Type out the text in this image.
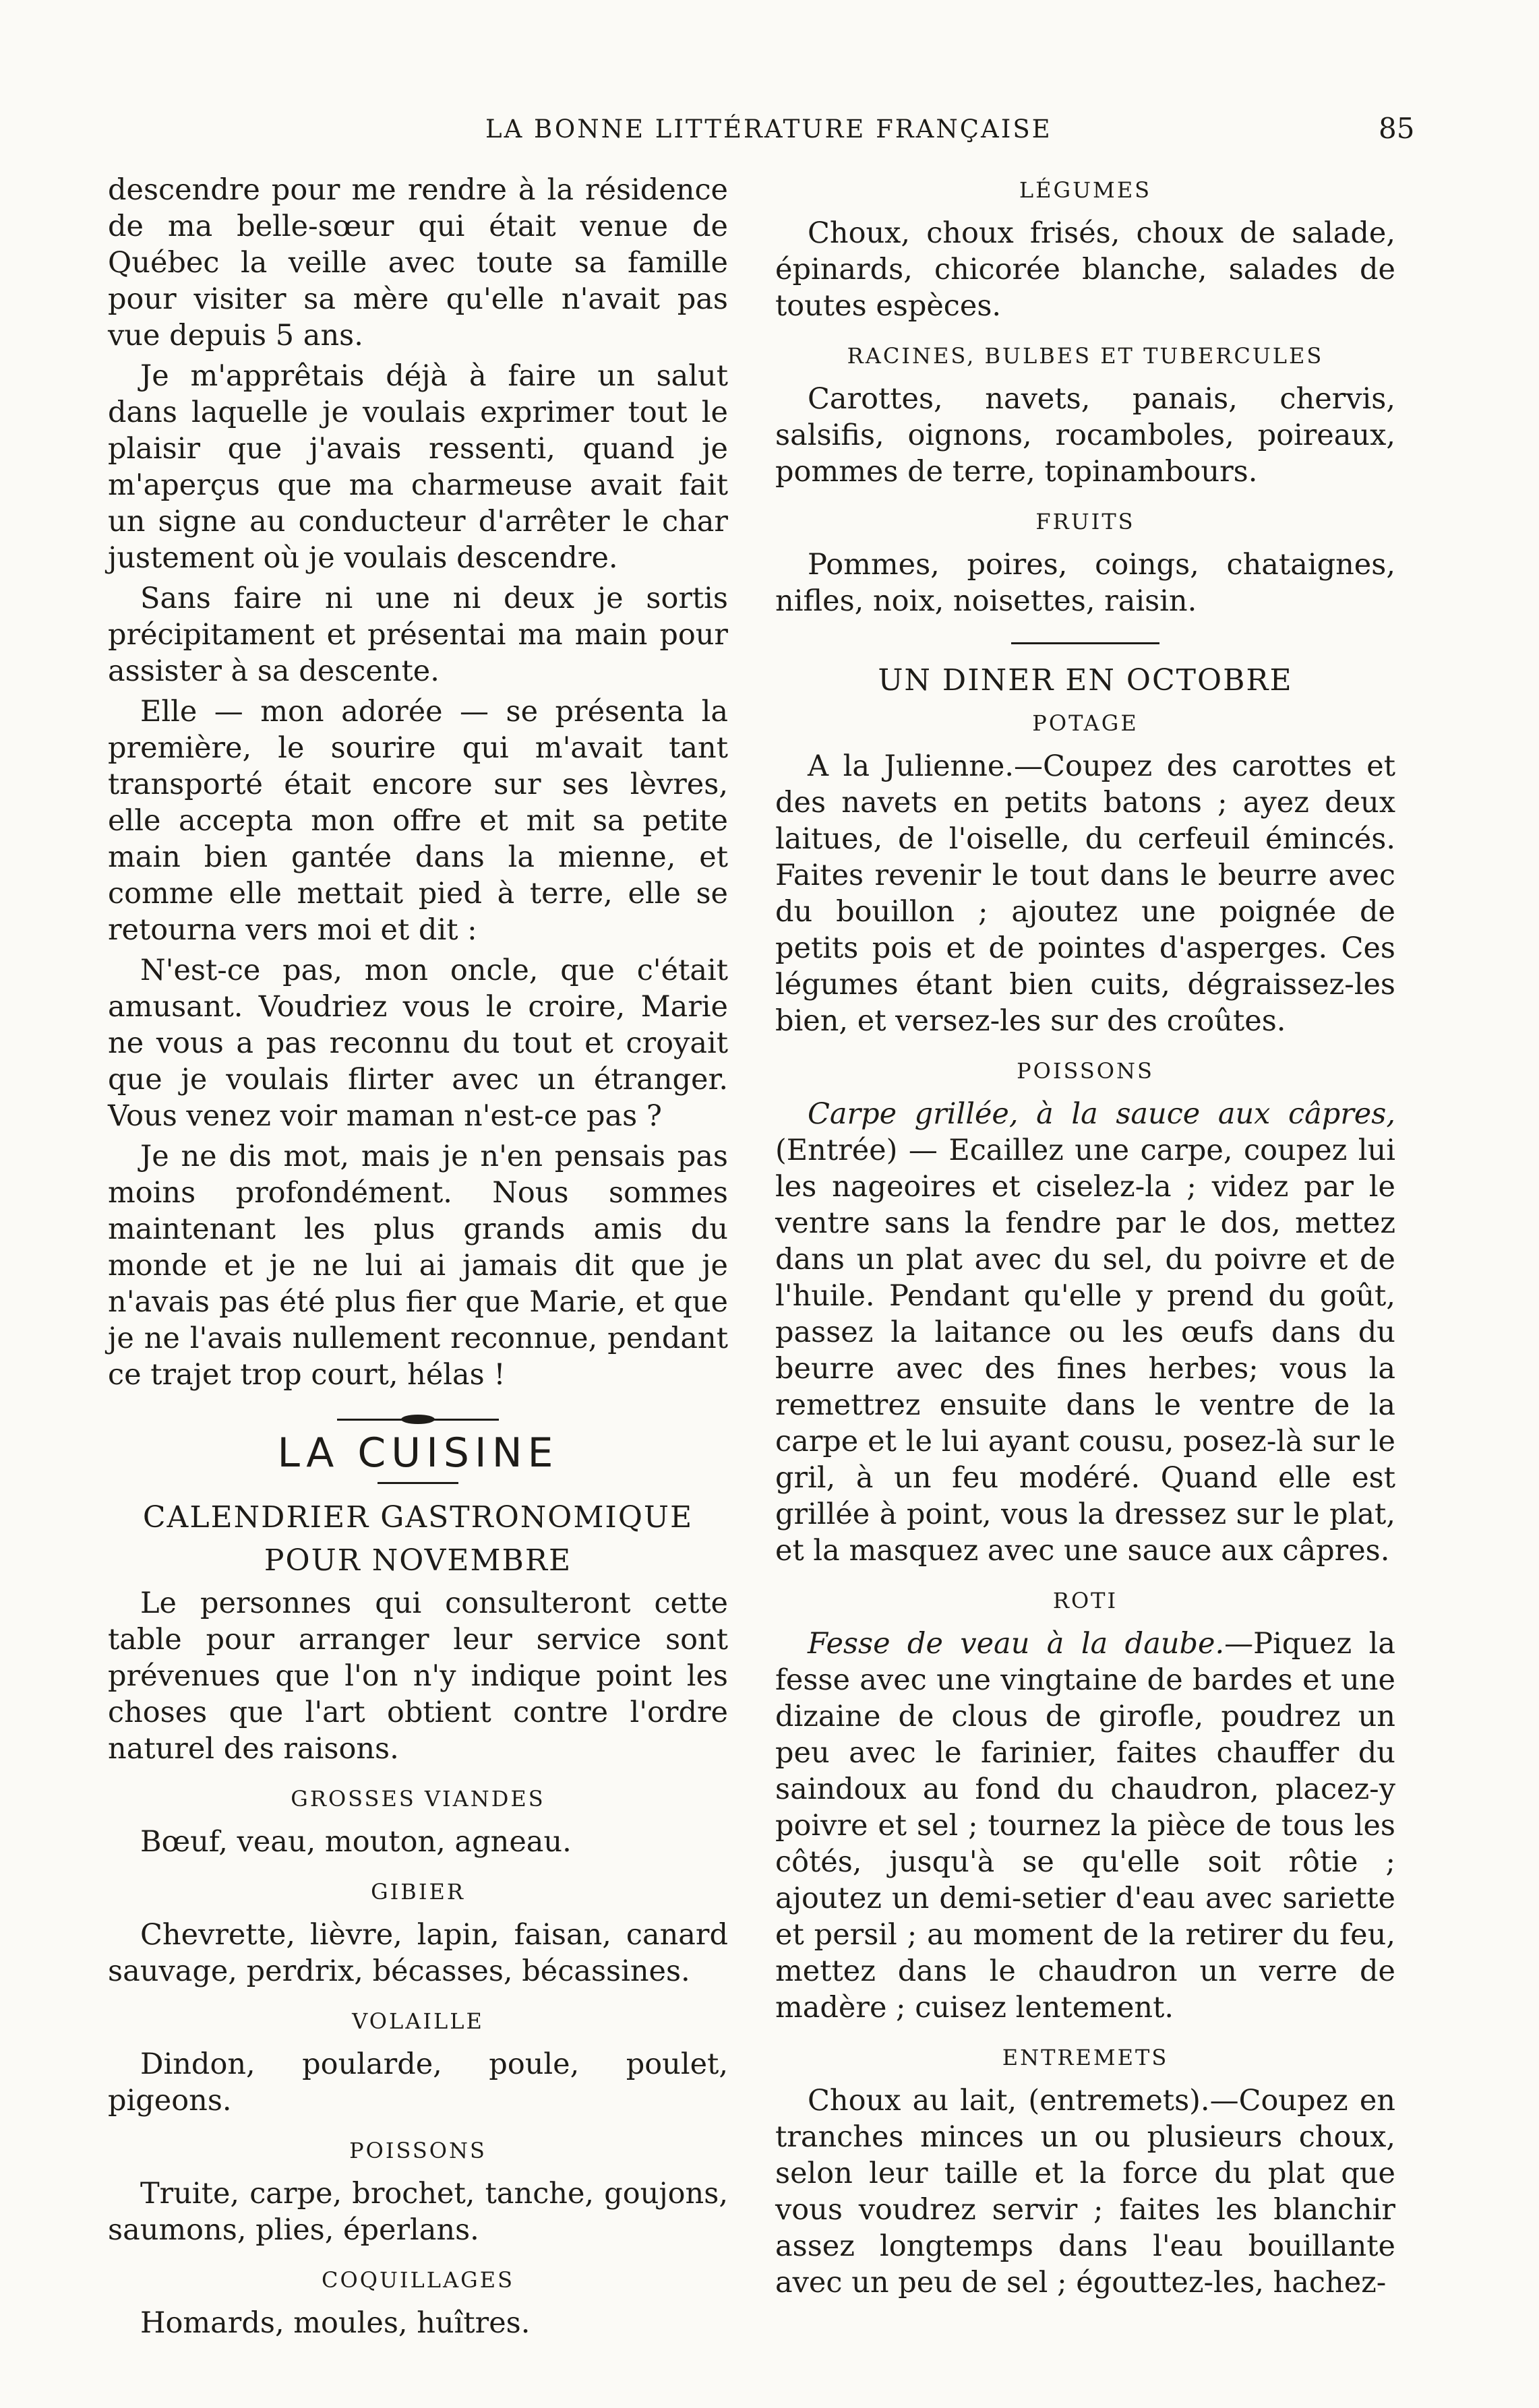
LA BONNE LITTÉRATURE FRANÇAISE	85

descendre pour me rendre à la résidence de ma belle-sœur qui était venue de Québec la veille avec toute sa famille pour visiter sa mère qu'elle n'avait pas vue depuis 5 ans.

Je m'apprêtais déjà à faire un salut dans laquelle je voulais exprimer tout le plaisir que j'avais ressenti, quand je m'aperçus que ma charmeuse avait fait un signe au conducteur d'arrêter le char justement où je voulais descendre.

Sans faire ni une ni deux je sortis précipitament et présentai ma main pour assister à sa descente.

Elle — mon adorée — se présenta la première, le sourire qui m'avait tant transporté était encore sur ses lèvres, elle accepta mon offre et mit sa petite main bien gantée dans la mienne, et comme elle mettait pied à terre, elle se retourna vers moi et dit :

N'est-ce pas, mon oncle, que c'était amusant. Voudriez vous le croire, Marie ne vous a pas reconnu du tout et croyait que je voulais flirter avec un étranger. Vous venez voir maman n'est-ce pas ?

Je ne dis mot, mais je n'en pensais pas moins profondément. Nous sommes maintenant les plus grands amis du monde et je ne lui ai jamais dit que je n'avais pas été plus fier que Marie, et que je ne l'avais nullement reconnue, pendant ce trajet trop court, hélas !

LA CUISINE
CALENDRIER GASTRONOMIQUE
POUR NOVEMBRE

Le personnes qui consulteront cette table pour arranger leur service sont prévenues que l'on n'y indique point les choses que l'art obtient contre l'ordre naturel des raisons.

GROSSES VIANDES

Bœuf, veau, mouton, agneau.

GIBIER

Chevrette, lièvre, lapin, faisan, canard sauvage, perdrix, bécasses, bécassines.

VOLAILLE

Dindon, poularde, poule, poulet, pigeons.

POISSONS

Truite, carpe, brochet, tanche, goujons, saumons, plies, éperlans.

COQUILLAGES

Homards, moules, huîtres.

LÉGUMES

Choux, choux frisés, choux de salade, épinards, chicorée blanche, salades de toutes espèces.

RACINES, BULBES ET TUBERCULES

Carottes, navets, panais, chervis, salsifis, oignons, rocamboles, poireaux, pommes de terre, topinambours.

FRUITS

Pommes, poires, coings, chataignes, nifles, noix, noisettes, raisin.

UN DINER EN OCTOBRE
POTAGE

A la Julienne.—Coupez des carottes et des navets en petits batons ; ayez deux laitues, de l'oiselle, du cerfeuil émincés. Faites revenir le tout dans le beurre avec du bouillon ; ajoutez une poignée de petits pois et de pointes d'asperges. Ces légumes étant bien cuits, dégraissez-les bien, et versez-les sur des croûtes.

POISSONS

Carpe grillée, à la sauce aux câpres, (Entrée) — Ecaillez une carpe, coupez lui les nageoires et ciselez-la ; videz par le ventre sans la fendre par le dos, mettez dans un plat avec du sel, du poivre et de l'huile. Pendant qu'elle y prend du goût, passez la laitance ou les œufs dans du beurre avec des fines herbes; vous la remettrez ensuite dans le ventre de la carpe et le lui ayant cousu, posez-là sur le gril, à un feu modéré. Quand elle est grillée à point, vous la dressez sur le plat, et la masquez avec une sauce aux câpres.

ROTI

Fesse de veau à la daube.—Piquez la fesse avec une vingtaine de bardes et une dizaine de clous de girofle, poudrez un peu avec le farinier, faites chauffer du saindoux au fond du chaudron, placez-y poivre et sel ; tournez la pièce de tous les côtés, jusqu'à se qu'elle soit rôtie ; ajoutez un demi-setier d'eau avec sariette et persil ; au moment de la retirer du feu, mettez dans le chaudron un verre de madère ; cuisez lentement.

ENTREMETS

Choux au lait, (entremets).—Coupez en tranches minces un ou plusieurs choux, selon leur taille et la force du plat que vous voudrez servir ; faites les blanchir assez longtemps dans l'eau bouillante avec un peu de sel ; égouttez-les, hachez-
